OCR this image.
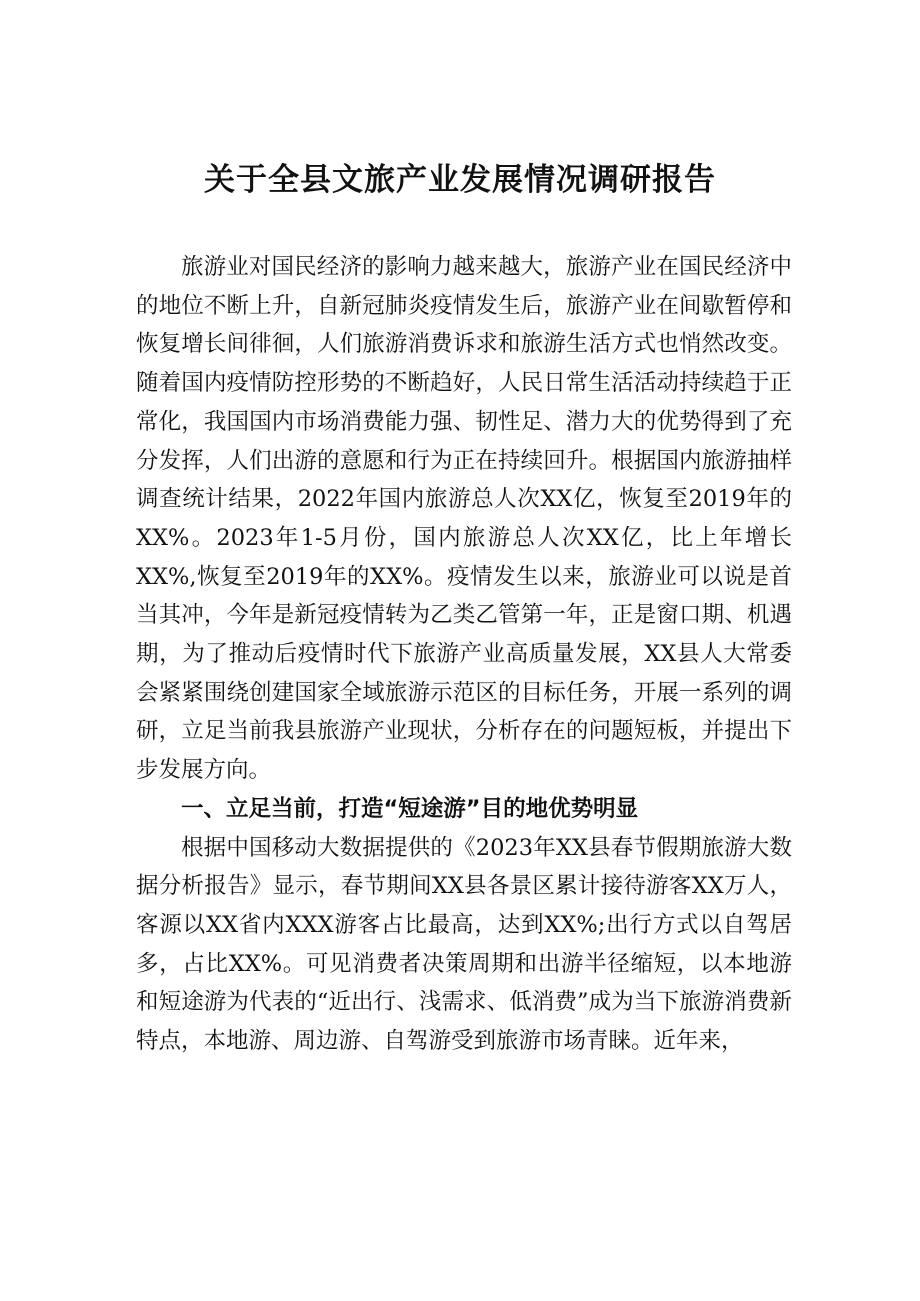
关于全县文旅产业发展情况调研报告

旅游业对国民经济的影响力越来越大，旅游产业在国民经济中的地位不断上升，自新冠肺炎疫情发生后，旅游产业在间歇暂停和恢复增长间徘徊，人们旅游消费诉求和旅游生活方式也悄然改变。随着国内疫情防控形势的不断趋好，人民日常生活活动持续趋于正常化，我国国内市场消费能力强、韧性足、潜力大的优势得到了充分发挥，人们出游的意愿和行为正在持续回升。根据国内旅游抽样调查统计结果，2022年国内旅游总人次XX亿，恢复至2019年的XX%。2023年1-5月份，国内旅游总人次XX亿，比上年增长XX%,恢复至2019年的XX%。疫情发生以来，旅游业可以说是首当其冲，今年是新冠疫情转为乙类乙管第一年，正是窗口期、机遇期，为了推动后疫情时代下旅游产业高质量发展，XX县人大常委会紧紧围绕创建国家全域旅游示范区的目标任务，开展一系列的调研，立足当前我县旅游产业现状，分析存在的问题短板，并提出下步发展方向。

一、立足当前，打造“短途游”目的地优势明显

根据中国移动大数据提供的《2023年XX县春节假期旅游大数据分析报告》显示，春节期间XX县各景区累计接待游客XX万人，客源以XX省内XXX游客占比最高，达到XX%;出行方式以自驾居多，占比XX%。可见消费者决策周期和出游半径缩短，以本地游和短途游为代表的“近出行、浅需求、低消费”成为当下旅游消费新特点，本地游、周边游、自驾游受到旅游市场青睐。近年来，
